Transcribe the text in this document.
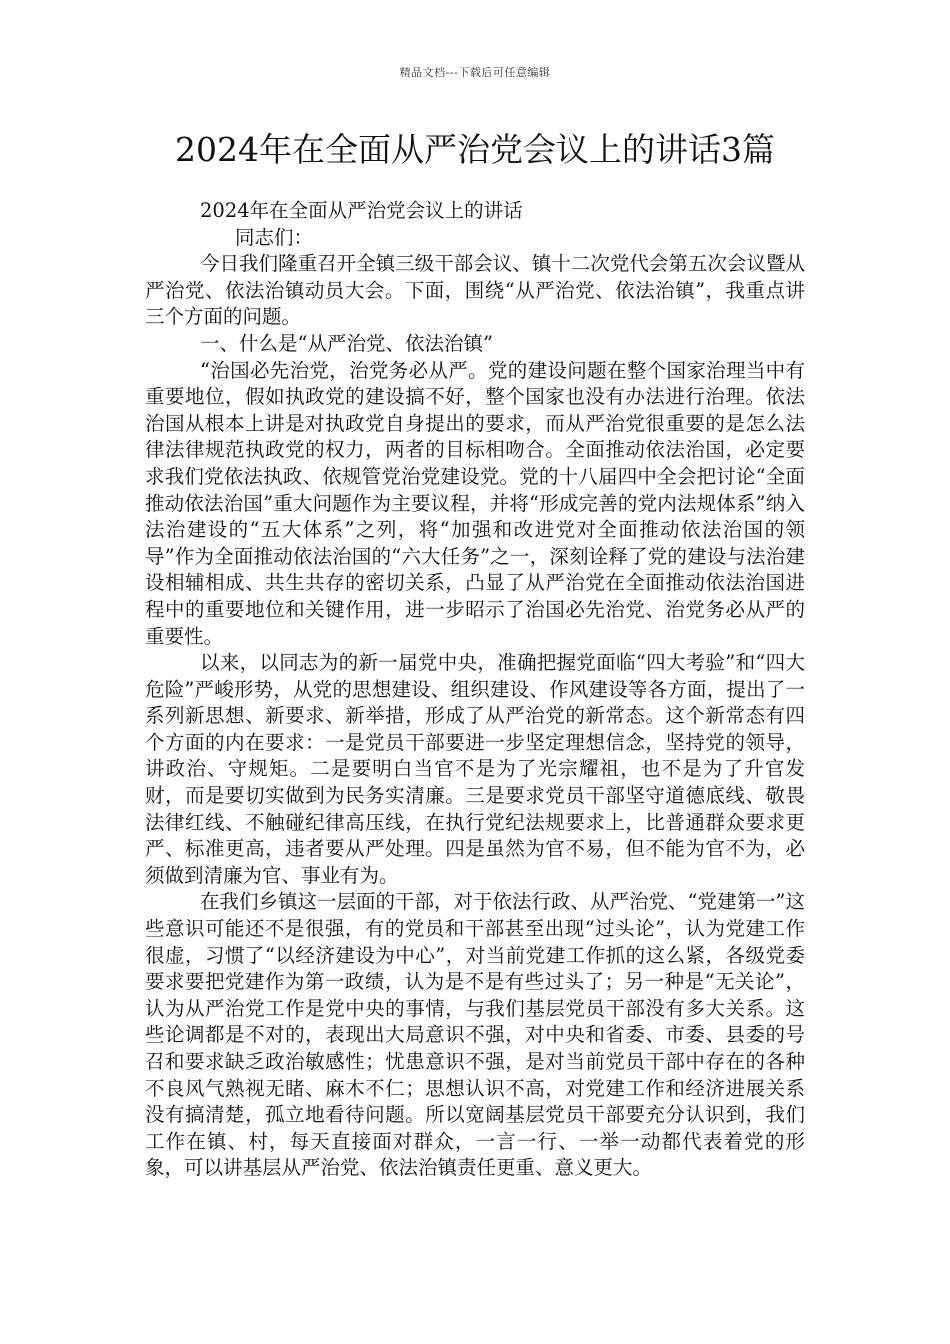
精品文档---下载后可任意编辑
2024年在全面从严治党会议上的讲话3篇

2024年在全面从严治党会议上的讲话

同志们：

今日我们隆重召开全镇三级干部会议、镇十二次党代会第五次会议暨从严治党、依法治镇动员大会。下面，围绕“从严治党、依法治镇”，我重点讲三个方面的问题。

一、什么是“从严治党、依法治镇”

“治国必先治党，治党务必从严。党的建设问题在整个国家治理当中有重要地位，假如执政党的建设搞不好，整个国家也没有办法进行治理。依法治国从根本上讲是对执政党自身提出的要求，而从严治党很重要的是怎么法律法律规范执政党的权力，两者的目标相吻合。全面推动依法治国，必定要求我们党依法执政、依规管党治党建设党。党的十八届四中全会把讨论“全面推动依法治国”重大问题作为主要议程，并将“形成完善的党内法规体系”纳入法治建设的“五大体系”之列，将“加强和改进党对全面推动依法治国的领导”作为全面推动依法治国的“六大任务”之一，深刻诠释了党的建设与法治建设相辅相成、共生共存的密切关系，凸显了从严治党在全面推动依法治国进程中的重要地位和关键作用，进一步昭示了治国必先治党、治党务必从严的重要性。

以来，以同志为的新一届党中央，准确把握党面临“四大考验”和“四大危险”严峻形势，从党的思想建设、组织建设、作风建设等各方面，提出了一系列新思想、新要求、新举措，形成了从严治党的新常态。这个新常态有四个方面的内在要求：一是党员干部要进一步坚定理想信念，坚持党的领导，讲政治、守规矩。二是要明白当官不是为了光宗耀祖，也不是为了升官发财，而是要切实做到为民务实清廉。三是要求党员干部坚守道德底线、敬畏法律红线、不触碰纪律高压线，在执行党纪法规要求上，比普通群众要求更严、标准更高，违者要从严处理。四是虽然为官不易，但不能为官不为，必须做到清廉为官、事业有为。

在我们乡镇这一层面的干部，对于依法行政、从严治党、“党建第一”这些意识可能还不是很强，有的党员和干部甚至出现“过头论”，认为党建工作很虚，习惯了“以经济建设为中心”，对当前党建工作抓的这么紧，各级党委要求要把党建作为第一政绩，认为是不是有些过头了；另一种是“无关论”，认为从严治党工作是党中央的事情，与我们基层党员干部没有多大关系。这些论调都是不对的，表现出大局意识不强，对中央和省委、市委、县委的号召和要求缺乏政治敏感性；忧患意识不强，是对当前党员干部中存在的各种不良风气熟视无睹、麻木不仁；思想认识不高，对党建工作和经济进展关系没有搞清楚，孤立地看待问题。所以宽阔基层党员干部要充分认识到，我们工作在镇、村，每天直接面对群众，一言一行、一举一动都代表着党的形象，可以讲基层从严治党、依法治镇责任更重、意义更大。
